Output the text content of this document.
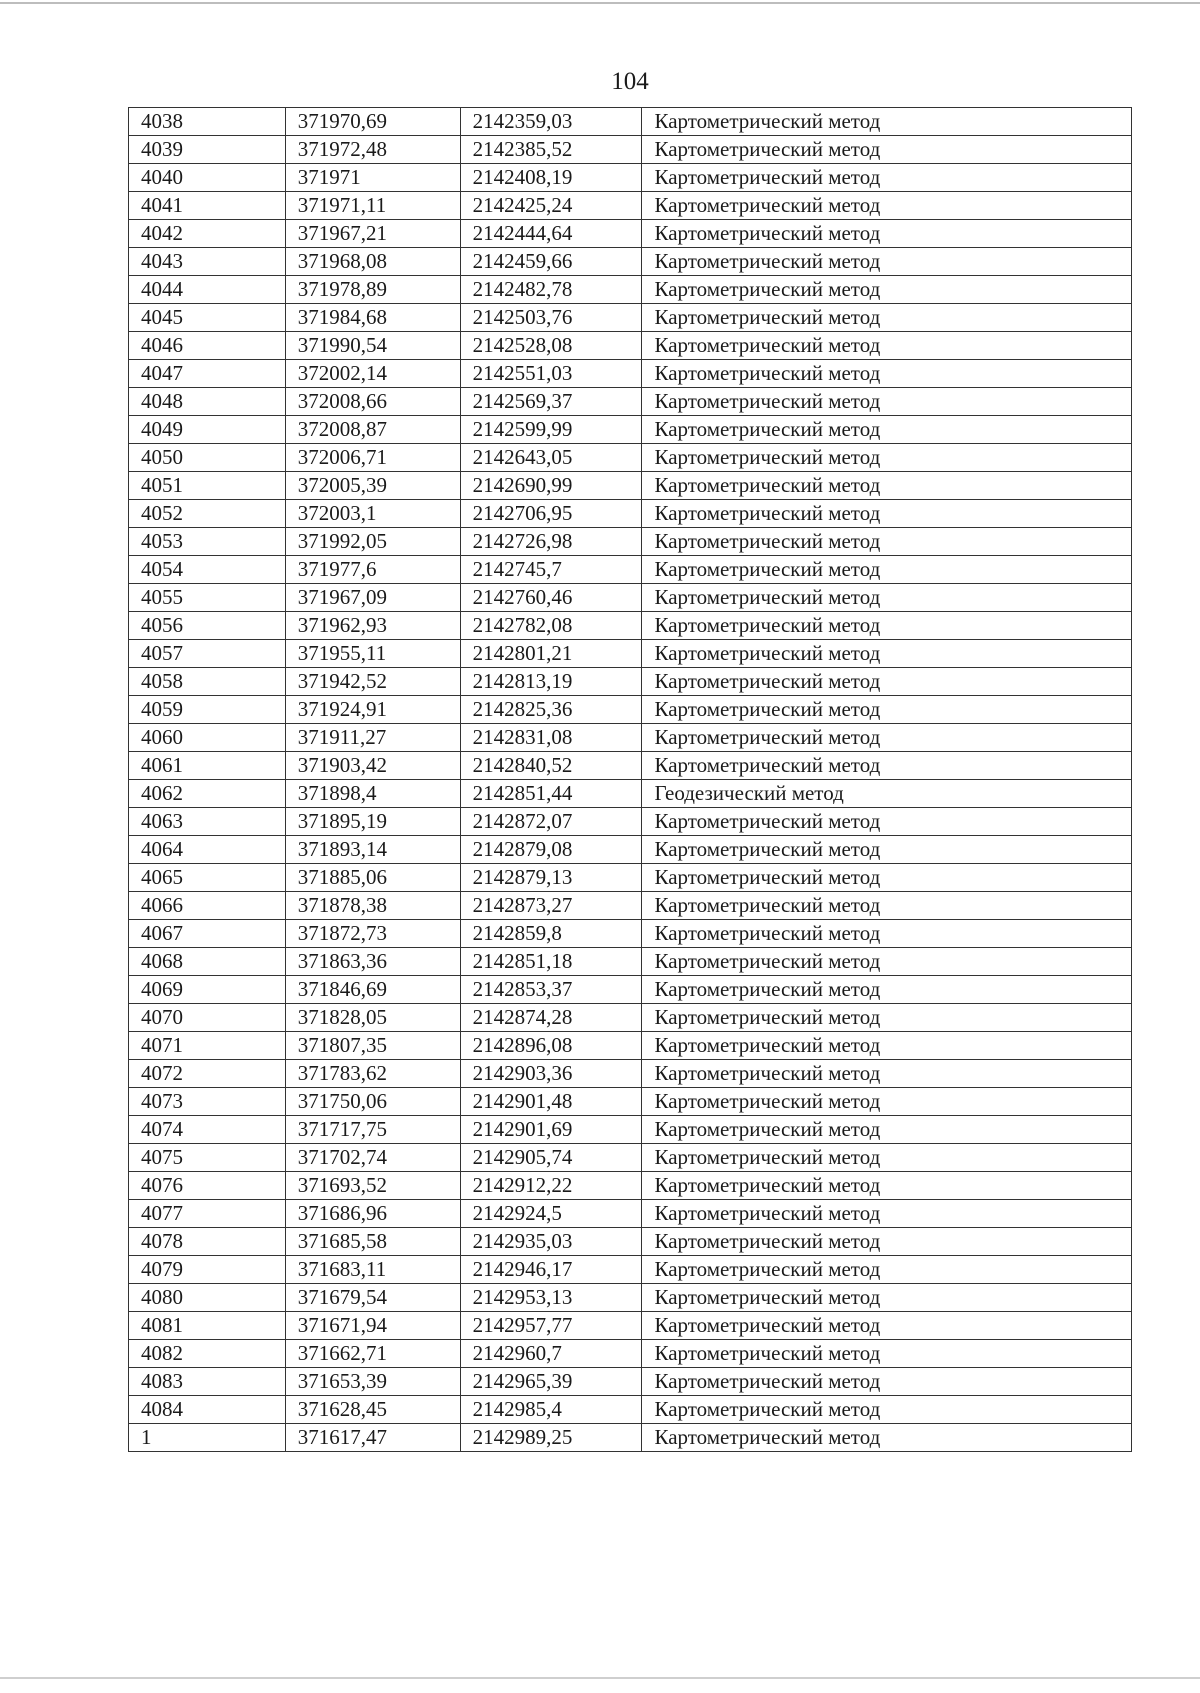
104
4038	371970,69	2142359,03	Картометрический метод
4039	371972,48	2142385,52	Картометрический метод
4040	371971	2142408,19	Картометрический метод
4041	371971,11	2142425,24	Картометрический метод
4042	371967,21	2142444,64	Картометрический метод
4043	371968,08	2142459,66	Картометрический метод
4044	371978,89	2142482,78	Картометрический метод
4045	371984,68	2142503,76	Картометрический метод
4046	371990,54	2142528,08	Картометрический метод
4047	372002,14	2142551,03	Картометрический метод
4048	372008,66	2142569,37	Картометрический метод
4049	372008,87	2142599,99	Картометрический метод
4050	372006,71	2142643,05	Картометрический метод
4051	372005,39	2142690,99	Картометрический метод
4052	372003,1	2142706,95	Картометрический метод
4053	371992,05	2142726,98	Картометрический метод
4054	371977,6	2142745,7	Картометрический метод
4055	371967,09	2142760,46	Картометрический метод
4056	371962,93	2142782,08	Картометрический метод
4057	371955,11	2142801,21	Картометрический метод
4058	371942,52	2142813,19	Картометрический метод
4059	371924,91	2142825,36	Картометрический метод
4060	371911,27	2142831,08	Картометрический метод
4061	371903,42	2142840,52	Картометрический метод
4062	371898,4	2142851,44	Геодезический метод
4063	371895,19	2142872,07	Картометрический метод
4064	371893,14	2142879,08	Картометрический метод
4065	371885,06	2142879,13	Картометрический метод
4066	371878,38	2142873,27	Картометрический метод
4067	371872,73	2142859,8	Картометрический метод
4068	371863,36	2142851,18	Картометрический метод
4069	371846,69	2142853,37	Картометрический метод
4070	371828,05	2142874,28	Картометрический метод
4071	371807,35	2142896,08	Картометрический метод
4072	371783,62	2142903,36	Картометрический метод
4073	371750,06	2142901,48	Картометрический метод
4074	371717,75	2142901,69	Картометрический метод
4075	371702,74	2142905,74	Картометрический метод
4076	371693,52	2142912,22	Картометрический метод
4077	371686,96	2142924,5	Картометрический метод
4078	371685,58	2142935,03	Картометрический метод
4079	371683,11	2142946,17	Картометрический метод
4080	371679,54	2142953,13	Картометрический метод
4081	371671,94	2142957,77	Картометрический метод
4082	371662,71	2142960,7	Картометрический метод
4083	371653,39	2142965,39	Картометрический метод
4084	371628,45	2142985,4	Картометрический метод
1	371617,47	2142989,25	Картометрический метод
